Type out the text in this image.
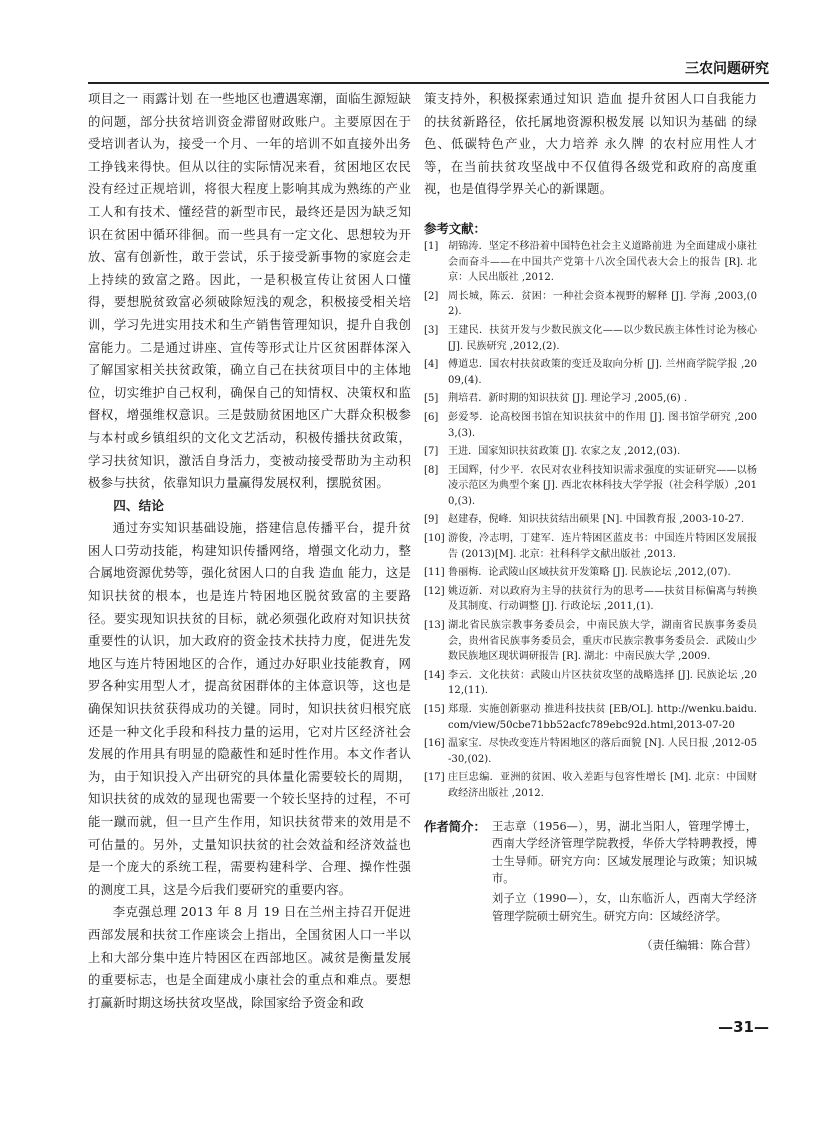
三农问题研究

项目之一 雨露计划 在一些地区也遭遇寒潮，面临生源短缺的问题，部分扶贫培训资金滞留财政账户。主要原因在于受培训者认为，接受一个月、一年的培训不如直接外出务工挣钱来得快。但从以往的实际情况来看，贫困地区农民没有经过正规培训，将很大程度上影响其成为熟练的产业工人和有技术、懂经营的新型市民，最终还是因为缺乏知识在贫困中循环徘徊。而一些具有一定文化、思想较为开放、富有创新性，敢于尝试，乐于接受新事物的家庭会走上持续的致富之路。因此，一是积极宣传让贫困人口懂得，要想脱贫致富必须破除短浅的观念，积极接受相关培训，学习先进实用技术和生产销售管理知识，提升自我创富能力。二是通过讲座、宣传等形式让片区贫困群体深入了解国家相关扶贫政策，确立自己在扶贫项目中的主体地位，切实维护自己权利，确保自己的知情权、决策权和监督权，增强维权意识。三是鼓励贫困地区广大群众积极参与本村或乡镇组织的文化文艺活动，积极传播扶贫政策，学习扶贫知识，激活自身活力，变被动接受帮助为主动积极参与扶贫，依靠知识力量赢得发展权利，摆脱贫困。

四、结论

通过夯实知识基础设施，搭建信息传播平台，提升贫困人口劳动技能，构建知识传播网络，增强文化动力，整合属地资源优势等，强化贫困人口的自我 造血 能力，这是知识扶贫的根本，也是连片特困地区脱贫致富的主要路径。要实现知识扶贫的目标，就必须强化政府对知识扶贫重要性的认识，加大政府的资金技术扶持力度，促进先发地区与连片特困地区的合作，通过办好职业技能教育，网罗各种实用型人才，提高贫困群体的主体意识等，这也是确保知识扶贫获得成功的关键。同时，知识扶贫归根究底还是一种文化手段和科技力量的运用，它对片区经济社会发展的作用具有明显的隐蔽性和延时性作用。本文作者认为，由于知识投入产出研究的具体量化需要较长的周期，知识扶贫的成效的显现也需要一个较长坚持的过程，不可能一蹴而就，但一旦产生作用，知识扶贫带来的效用是不可估量的。另外，丈量知识扶贫的社会效益和经济效益也是一个庞大的系统工程，需要构建科学、合理、操作性强的测度工具，这是今后我们要研究的重要内容。

李克强总理 2013 年 8 月 19 日在兰州主持召开促进西部发展和扶贫工作座谈会上指出，全国贫困人口一半以上和大部分集中连片特困区在西部地区。减贫是衡量发展的重要标志，也是全面建成小康社会的重点和难点。要想打赢新时期这场扶贫攻坚战，除国家给予资金和政

策支持外，积极探索通过知识 造血 提升贫困人口自我能力的扶贫新路径，依托属地资源积极发展 以知识为基础 的绿色、低碳特色产业，大力培养 永久牌 的农村应用性人才等，在当前扶贫攻坚战中不仅值得各级党和政府的高度重视，也是值得学界关心的新课题。

参考文献：
[1] 胡锦涛．坚定不移沿着中国特色社会主义道路前进 为全面建成小康社会而奋斗——在中国共产党第十八次全国代表大会上的报告 [R]. 北京：人民出版社 ,2012.
[2] 周长城，陈云．贫困：一种社会资本视野的解释 [J]. 学海 ,2003,(02).
[3] 王建民．扶贫开发与少数民族文化——以少数民族主体性讨论为核心 [J]. 民族研究 ,2012,(2).
[4] 傅道忠．国农村扶贫政策的变迁及取向分析 [J]. 兰州商学院学报 ,2009,(4).
[5] 荆培君．新时期的知识扶贫 [J]. 理论学习 ,2005,(6) .
[6] 彭爱琴．论高校图书馆在知识扶贫中的作用 [J]. 图书馆学研究 ,2003,(3).
[7] 王进．国家知识扶贫政策 [J]. 农家之友 ,2012,(03).
[8] 王国辉，付少平．农民对农业科技知识需求强度的实证研究——以杨凌示范区为典型个案 [J]. 西北农林科技大学学报（社会科学版）,2010,(3).
[9] 赵建春，倪峰．知识扶贫结出硕果 [N]. 中国教育报 ,2003-10-27.
[10] 游俊，冷志明，丁建军．连片特困区蓝皮书：中国连片特困区发展报告 (2013)[M]. 北京：社科科学文献出版社 ,2013.
[11] 鲁丽梅．论武陵山区域扶贫开发策略 [J]. 民族论坛 ,2012,(07).
[12] 姚迈新．对以政府为主导的扶贫行为的思考——扶贫目标偏离与转换及其制度、行动调整 [J]. 行政论坛 ,2011,(1).
[13] 湖北省民族宗教事务委员会，中南民族大学，湖南省民族事务委员会，贵州省民族事务委员会，重庆市民族宗教事务委员会．武陵山少数民族地区现状调研报告 [R]. 湖北：中南民族大学 ,2009.
[14] 李云．文化扶贫：武陵山片区扶贫攻坚的战略选择 [J]. 民族论坛 ,2012,(11).
[15] 郑璟．实施创新驱动 推进科技扶贫 [EB/OL]. http://wenku.baidu.com/view/50cbe71bb52acfc789ebc92d.html,2013-07-20
[16] 温家宝．尽快改变连片特困地区的落后面貌 [N]. 人民日报 ,2012-05-30,(02).
[17] 庄巨忠编．亚洲的贫困、收入差距与包容性增长 [M]. 北京：中国财政经济出版社 ,2012.
作者简介： 王志章（1956—），男，湖北当阳人，管理学博士，西南大学经济管理学院教授，华侨大学特聘教授，博士生导师。研究方向：区域发展理论与政策；知识城市。

刘子立（1990—），女，山东临沂人，西南大学经济管理学院硕士研究生。研究方向：区域经济学。

（责任编辑：陈合营）
—31—
